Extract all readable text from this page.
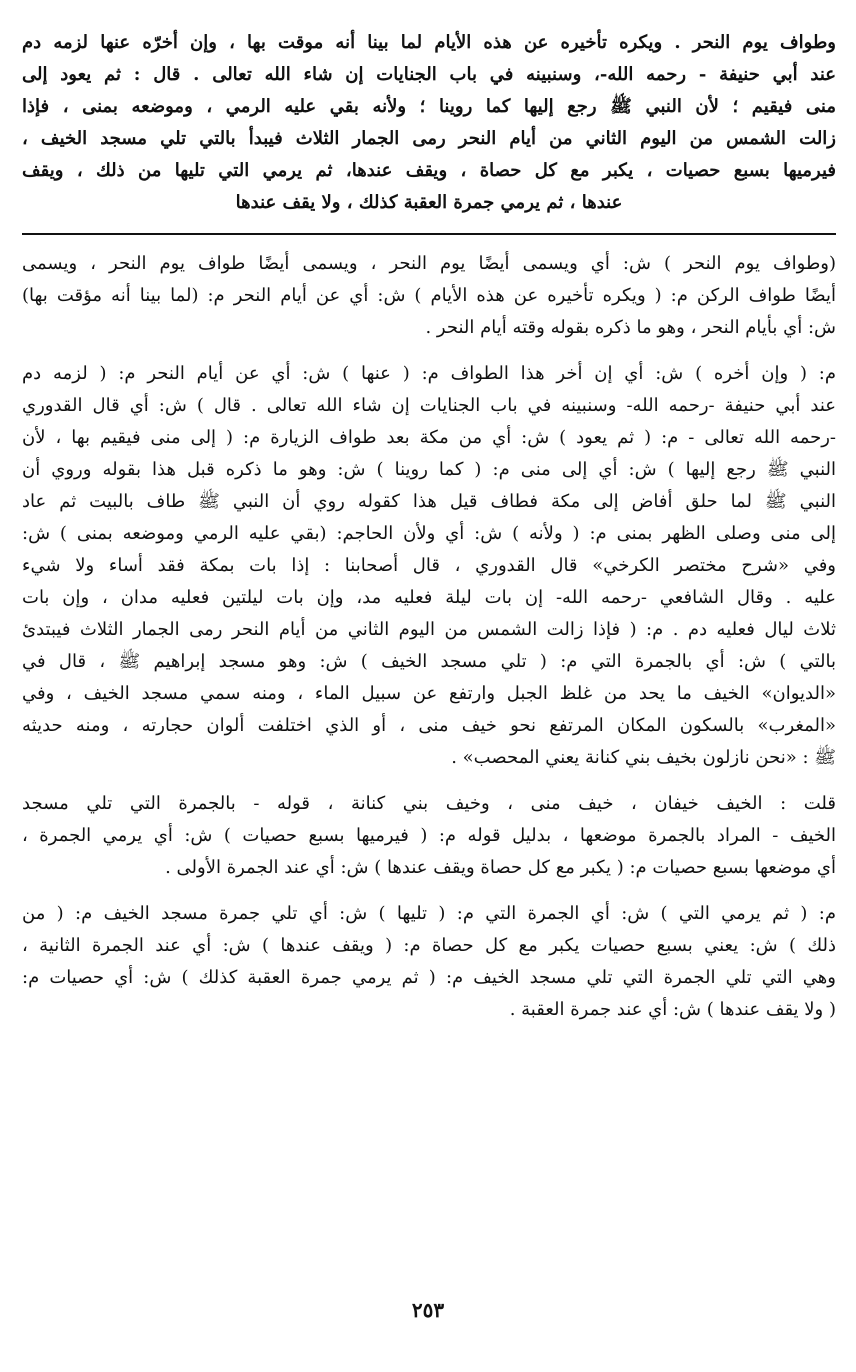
وطواف يوم النحر . ويكره تأخيره عن هذه الأيام لما بينا أنه موقت بها ، وإن أخرّه عنها لزمه دم
عند أبي حنيفة - رحمه الله-، وسنبينه في باب الجنايات إن شاء الله تعالى . قال : ثم يعود إلى
منى فيقيم ؛ لأن النبي ﷺ رجع إليها كما روينا ؛ ولأنه بقي عليه الرمي ، وموضعه بمنى ، فإذا
زالت الشمس من اليوم الثاني من أيام النحر رمى الجمار الثلاث فيبدأ بالتي تلي مسجد الخيف ،
فيرميها بسبع حصيات ، يكبر مع كل حصاة ، ويقف عندها، ثم يرمي التي تليها من ذلك ، ويقف
عندها ، ثم يرمي جمرة العقبة كذلك ، ولا يقف عندها
(وطواف يوم النحر ) ش: أي ويسمى أيضًا يوم النحر ، ويسمى أيضًا طواف يوم النحر ، ويسمى
أيضًا طواف الركن م: ( ويكره تأخيره عن هذه الأيام ) ش: أي عن أيام النحر م: (لما بينا أنه مؤقت بها)
ش: أي بأيام النحر ، وهو ما ذكره بقوله وقته أيام النحر .
م: ( وإن أخره ) ش: أي إن أخر هذا الطواف م: ( عنها ) ش: أي عن أيام النحر م: ( لزمه دم
عند أبي حنيفة -رحمه الله- وسنبينه في باب الجنايات إن شاء الله تعالى . قال ) ش: أي قال القدوري
-رحمه الله تعالى - م: ( ثم يعود ) ش: أي من مكة بعد طواف الزيارة م: ( إلى منى فيقيم بها ، لأن
النبي ﷺ رجع إليها ) ش: أي إلى منى م: ( كما روينا ) ش: وهو ما ذكره قبل هذا بقوله وروي أن
النبي ﷺ لما حلق أفاض إلى مكة فطاف قيل هذا كقوله روي أن النبي ﷺ طاف بالبيت ثم عاد
إلى منى وصلى الظهر بمنى م: ( ولأنه ) ش: أي ولأن الحاجم: (بقي عليه الرمي وموضعه بمنى ) ش:
وفي «شرح مختصر الكرخي» قال القدوري ، قال أصحابنا : إذا بات بمكة فقد أساء ولا شيء
عليه . وقال الشافعي -رحمه الله- إن بات ليلة فعليه مد، وإن بات ليلتين فعليه مدان ، وإن بات
ثلاث ليال فعليه دم . م: ( فإذا زالت الشمس من اليوم الثاني من أيام النحر رمى الجمار الثلاث فيبتدئ
بالتي ) ش: أي بالجمرة التي م: ( تلي مسجد الخيف ) ش: وهو مسجد إبراهيم ﷺ ، قال في
«الديوان» الخيف ما يحد من غلظ الجبل وارتفع عن سبيل الماء ، ومنه سمي مسجد الخيف ، وفي
«المغرب» بالسكون المكان المرتفع نحو خيف منى ، أو الذي اختلفت ألوان حجارته ، ومنه حديثه
ﷺ : «نحن نازلون بخيف بني كنانة يعني المحصب» .
قلت : الخيف خيفان ، خيف منى ، وخيف بني كنانة ، قوله - بالجمرة التي تلي مسجد
الخيف - المراد بالجمرة موضعها ، بدليل قوله م: ( فيرميها بسبع حصيات ) ش: أي يرمي الجمرة ،
أي موضعها بسبع حصيات م: ( يكبر مع كل حصاة ويقف عندها ) ش: أي عند الجمرة الأولى .
م: ( ثم يرمي التي ) ش: أي الجمرة التي م: ( تليها ) ش: أي تلي جمرة مسجد الخيف م: ( من
ذلك ) ش: يعني بسبع حصيات يكبر مع كل حصاة م: ( ويقف عندها ) ش: أي عند الجمرة الثانية ،
وهي التي تلي الجمرة التي تلي مسجد الخيف م: ( ثم يرمي جمرة العقبة كذلك ) ش: أي حصيات م:
( ولا يقف عندها ) ش: أي عند جمرة العقبة .
٢٥٣
